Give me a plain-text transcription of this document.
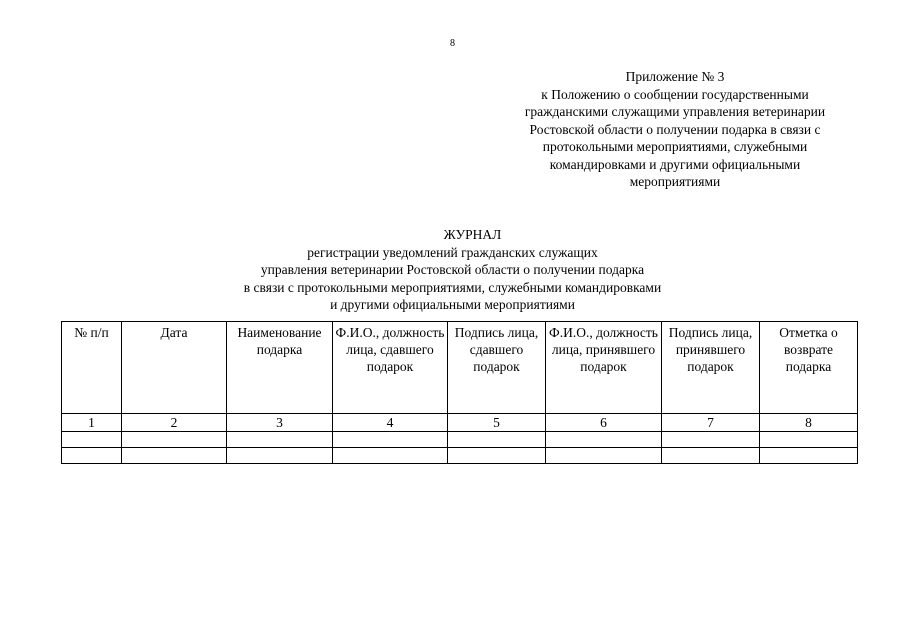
8
Приложение № 3
к Положению о сообщении государственными
гражданскими служащими управления ветеринарии
Ростовской области о получении подарка в связи с
протокольными мероприятиями, служебными
командировками и другими официальными
мероприятиями
ЖУРНАЛ
регистрации уведомлений гражданских служащих
управления ветеринарии Ростовской области о получении подарка
в связи с протокольными мероприятиями, служебными командировками
и другими официальными мероприятиями
№ п/п	Дата	Наименование подарка	Ф.И.О., должность лица, сдавшего подарок	Подпись лица, сдавшего подарок	Ф.И.О., должность лица, принявшего подарок	Подпись лица, принявшего подарок	Отметка о возврате подарка
1	2	3	4	5	6	7	8
